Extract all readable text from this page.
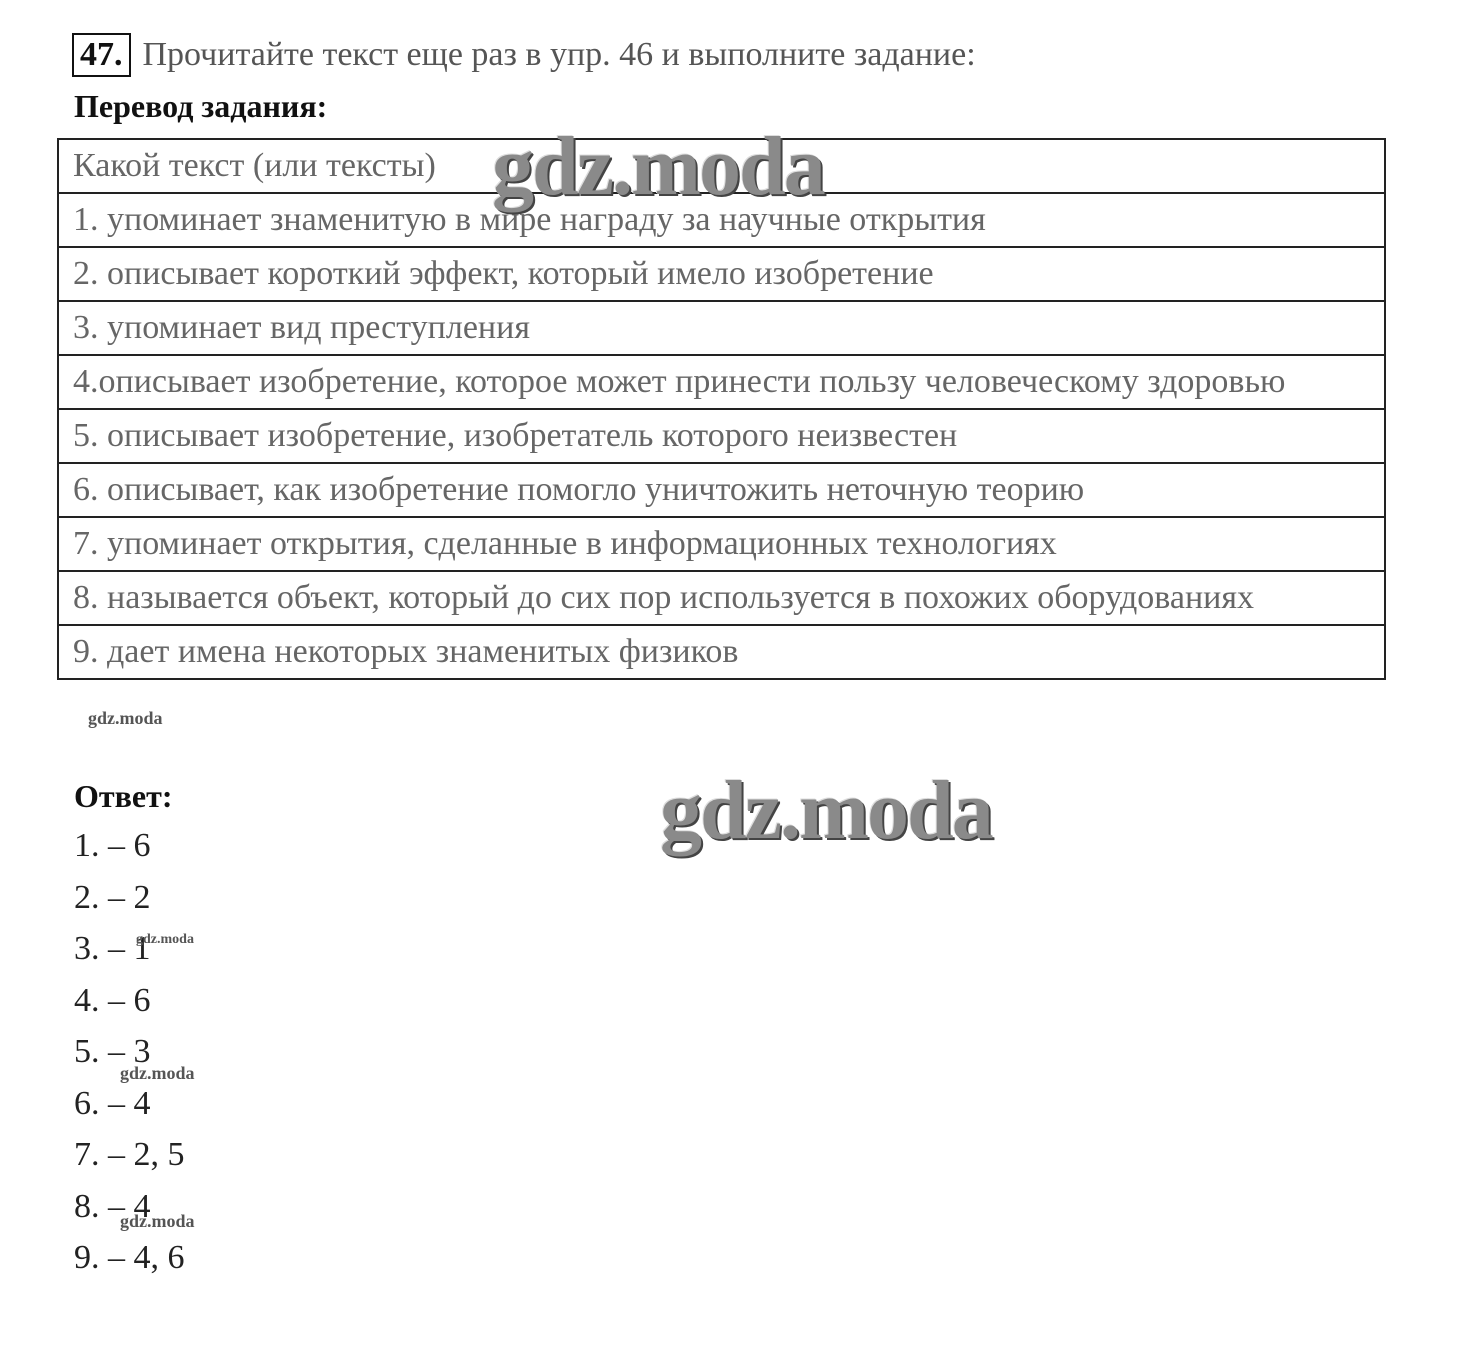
47. Прочитайте текст еще раз в упр. 46 и выполните задание:
Перевод задания:
Какой текст (или тексты)
1. упоминает знаменитую в мире награду за научные открытия
2. описывает короткий эффект, который имело изобретение
3. упоминает вид преступления
4.описывает изобретение, которое может принести пользу человеческому здоровью
5. описывает изобретение, изобретатель которого неизвестен
6. описывает, как изобретение помогло уничтожить неточную теорию
7. упоминает открытия, сделанные в информационных технологиях
8. называется объект, который до сих пор используется в похожих оборудованиях
9. дает имена некоторых знаменитых физиков
Ответ:
1. – 6
2. – 2
3. – 1
4. – 6
5. – 3
6. – 4
7. – 2, 5
8. – 4
9. – 4, 6
gdz.moda
gdz.moda
gdz.moda
gdz.moda
gdz.moda
gdz.moda
